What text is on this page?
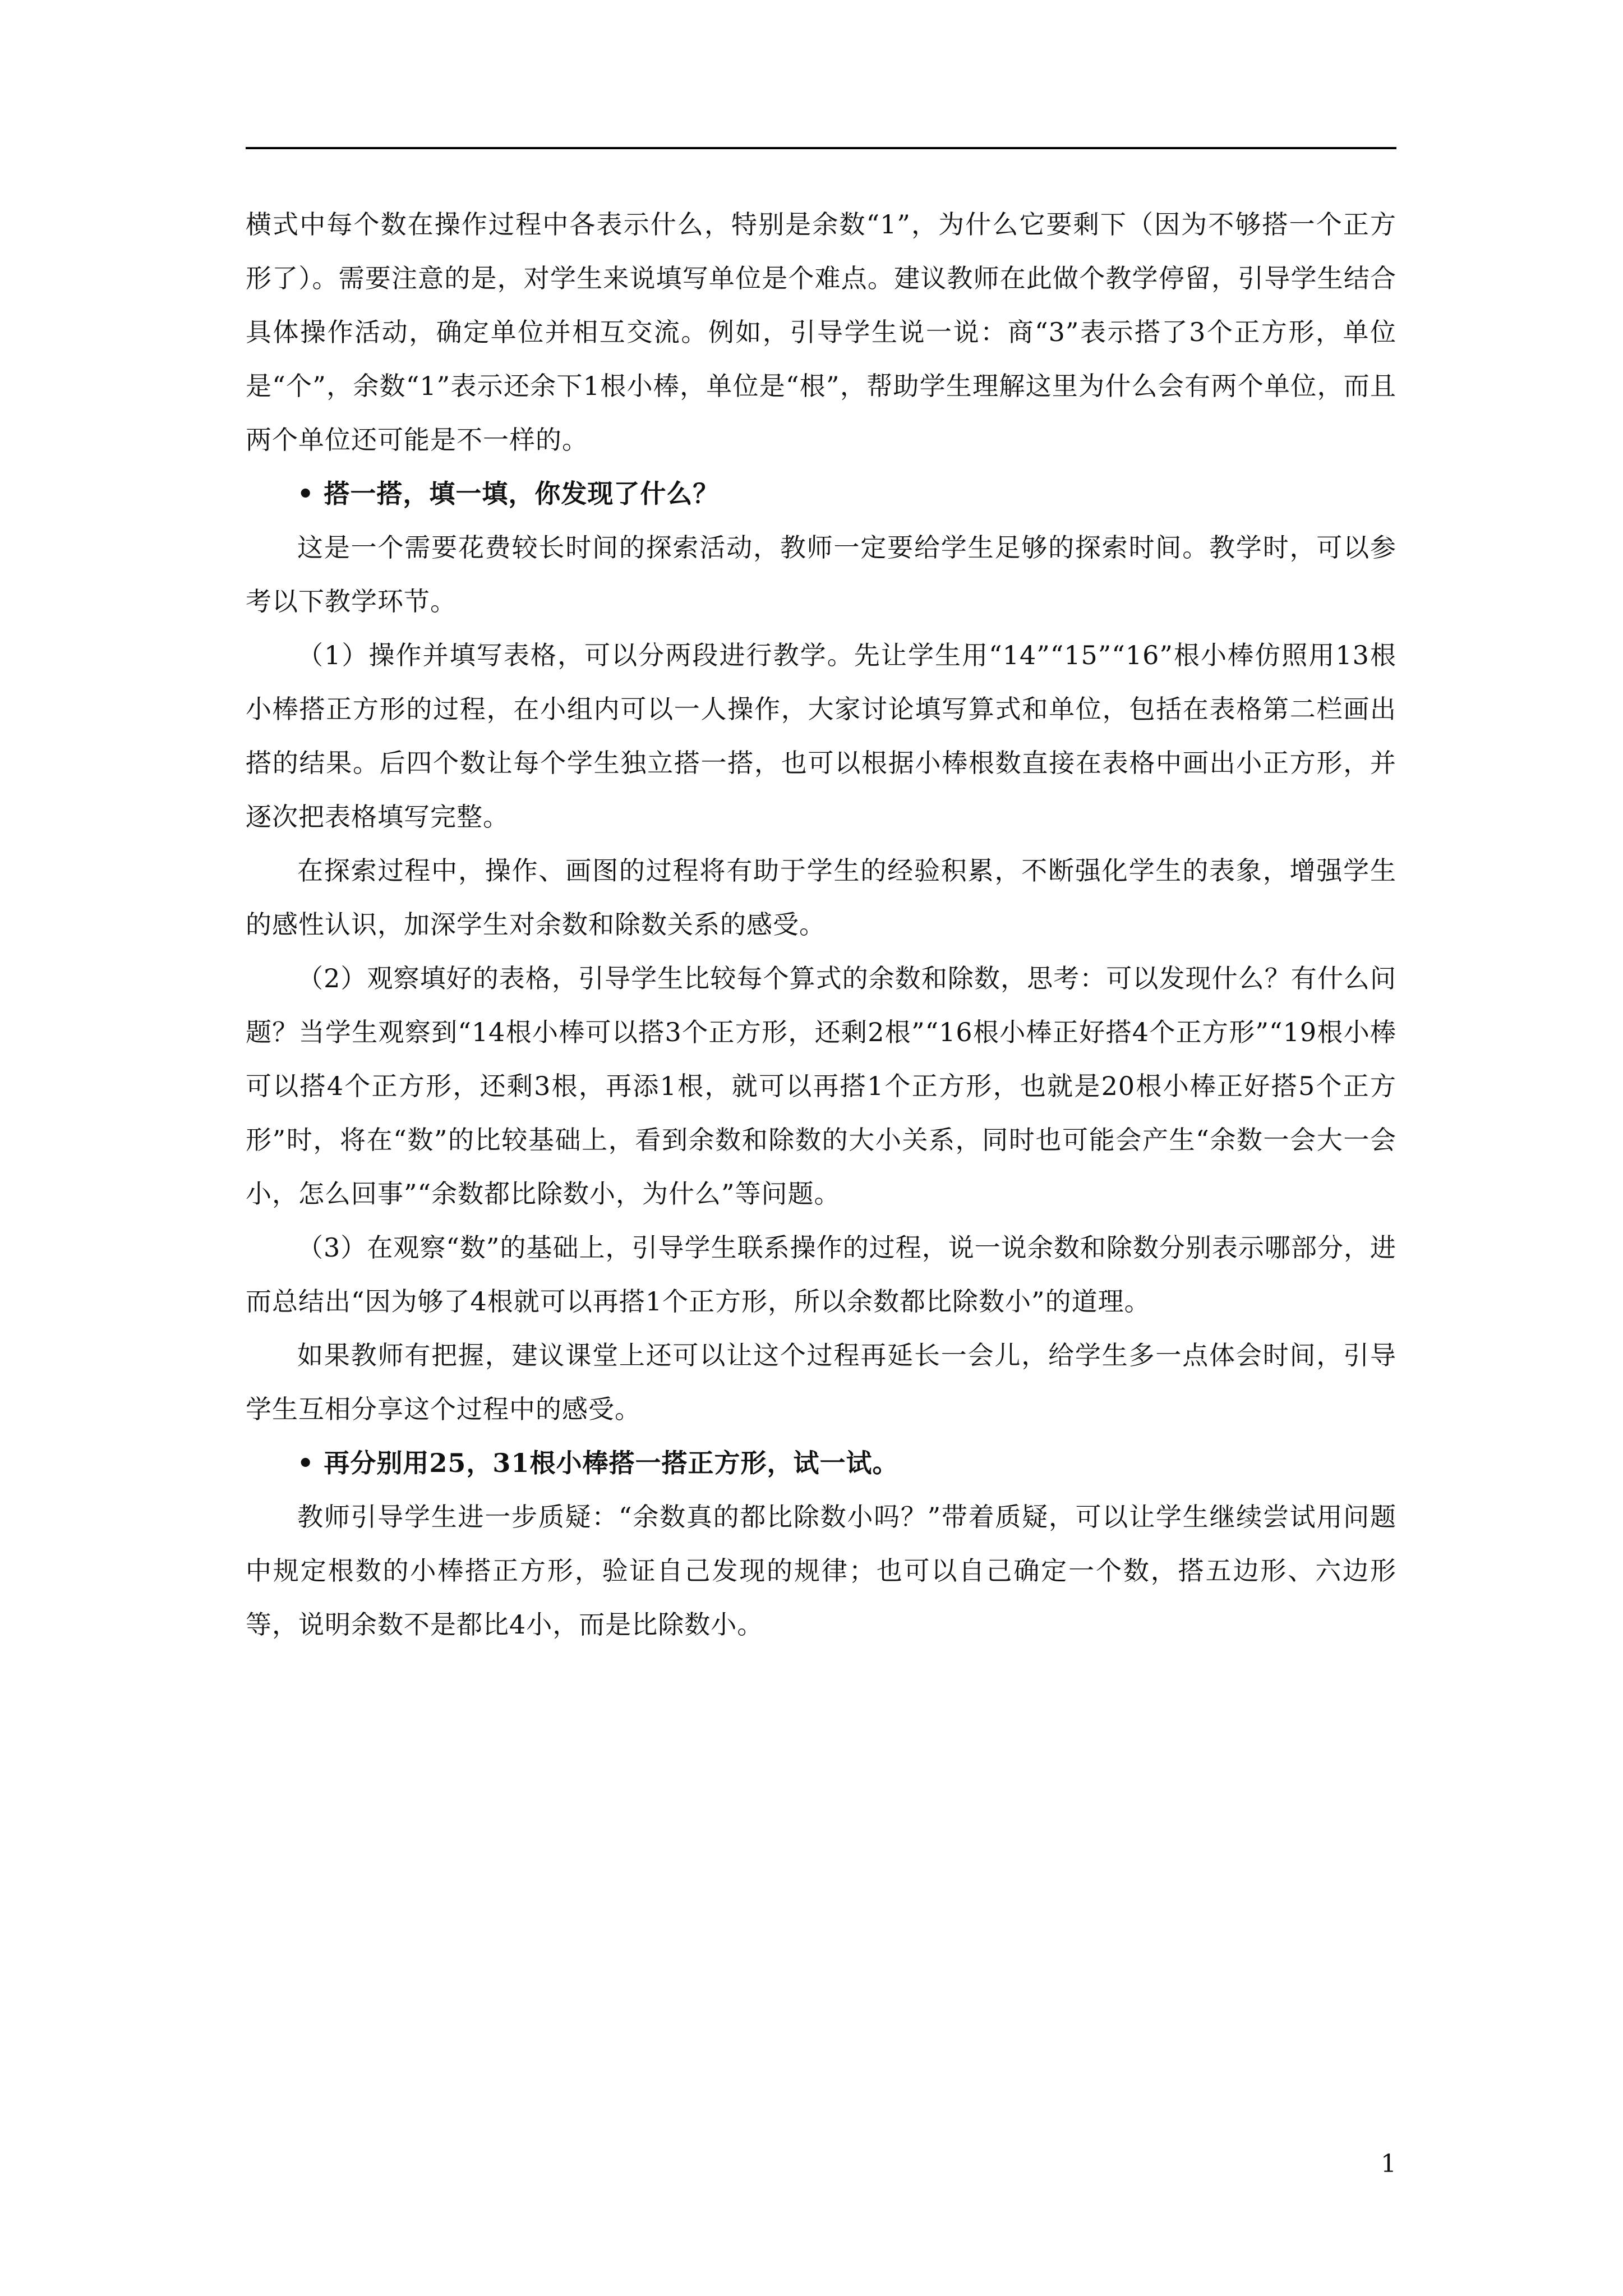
横式中每个数在操作过程中各表示什么，特别是余数“1”，为什么它要剩下（因为不够搭一个正方形了）。需要注意的是，对学生来说填写单位是个难点。建议教师在此做个教学停留，引导学生结合具体操作活动，确定单位并相互交流。例如，引导学生说一说：商“3”表示搭了3个正方形，单位是“个”，余数“1”表示还余下1根小棒，单位是“根”，帮助学生理解这里为什么会有两个单位，而且两个单位还可能是不一样的。

• 搭一搭，填一填，你发现了什么？

这是一个需要花费较长时间的探索活动，教师一定要给学生足够的探索时间。教学时，可以参考以下教学环节。

（1）操作并填写表格，可以分两段进行教学。先让学生用“14”“15”“16”根小棒仿照用13根小棒搭正方形的过程，在小组内可以一人操作，大家讨论填写算式和单位，包括在表格第二栏画出搭的结果。后四个数让每个学生独立搭一搭，也可以根据小棒根数直接在表格中画出小正方形，并逐次把表格填写完整。

在探索过程中，操作、画图的过程将有助于学生的经验积累，不断强化学生的表象，增强学生的感性认识，加深学生对余数和除数关系的感受。

（2）观察填好的表格，引导学生比较每个算式的余数和除数，思考：可以发现什么？有什么问题？当学生观察到“14根小棒可以搭3个正方形，还剩2根”“16根小棒正好搭4个正方形”“19根小棒可以搭4个正方形，还剩3根，再添1根，就可以再搭1个正方形，也就是20根小棒正好搭5个正方形”时，将在“数”的比较基础上，看到余数和除数的大小关系，同时也可能会产生“余数一会大一会小，怎么回事”“余数都比除数小，为什么”等问题。

（3）在观察“数”的基础上，引导学生联系操作的过程，说一说余数和除数分别表示哪部分，进而总结出“因为够了4根就可以再搭1个正方形，所以余数都比除数小”的道理。

如果教师有把握，建议课堂上还可以让这个过程再延长一会儿，给学生多一点体会时间，引导学生互相分享这个过程中的感受。

• 再分别用25，31根小棒搭一搭正方形，试一试。

教师引导学生进一步质疑：“余数真的都比除数小吗？”带着质疑，可以让学生继续尝试用问题中规定根数的小棒搭正方形，验证自己发现的规律；也可以自己确定一个数，搭五边形、六边形等，说明余数不是都比4小，而是比除数小。

1
